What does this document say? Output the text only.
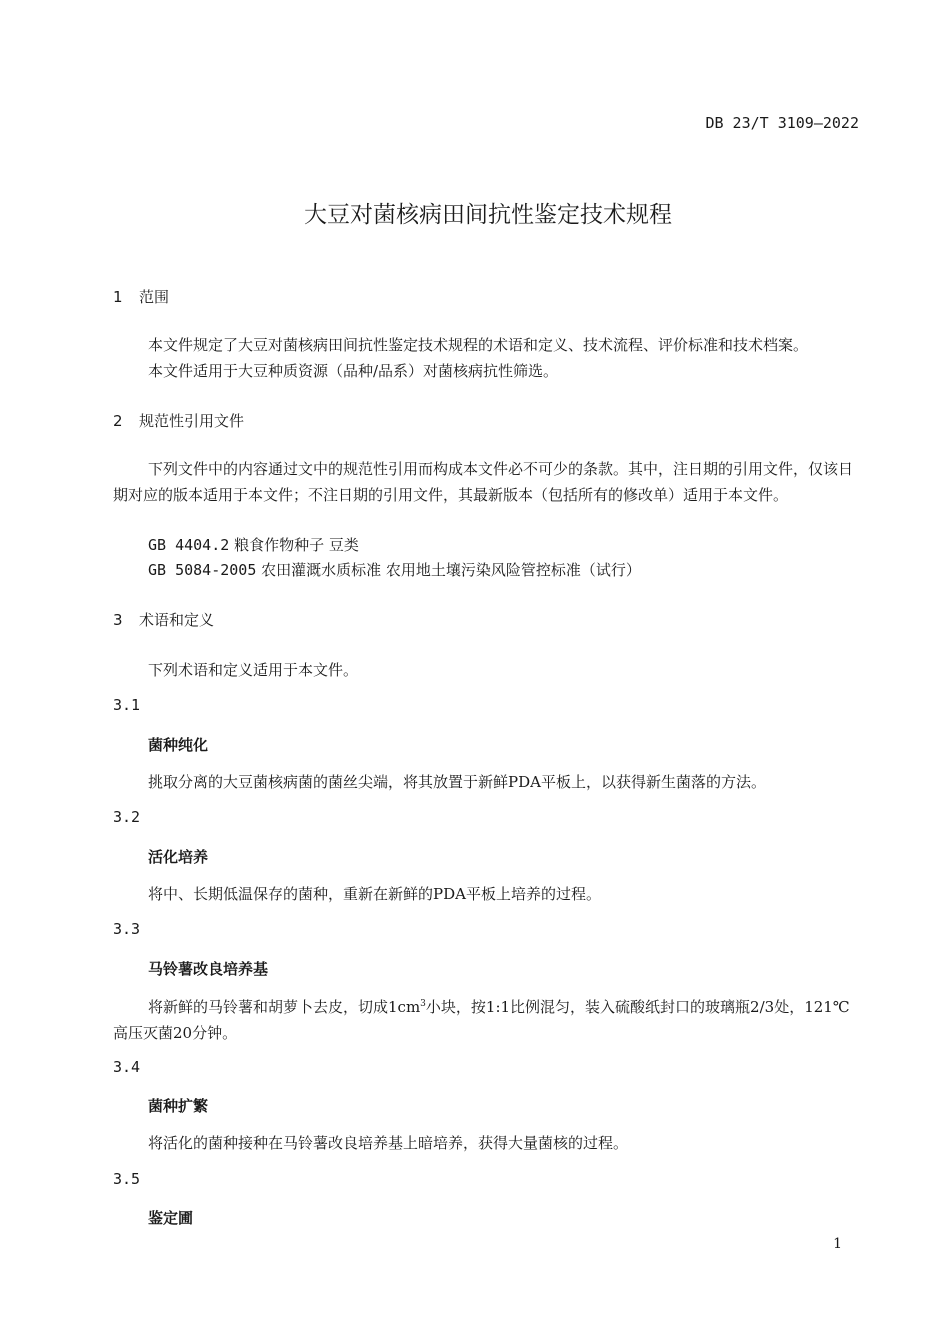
DB 23/T 3109—2022
大豆对菌核病田间抗性鉴定技术规程
1 范围
本文件规定了大豆对菌核病田间抗性鉴定技术规程的术语和定义、技术流程、评价标准和技术档案。
本文件适用于大豆种质资源（品种/品系）对菌核病抗性筛选。
2 规范性引用文件
下列文件中的内容通过文中的规范性引用而构成本文件必不可少的条款。其中，注日期的引用文件，仅该日期对应的版本适用于本文件；不注日期的引用文件，其最新版本（包括所有的修改单）适用于本文件。
GB 4404.2 粮食作物种子 豆类
GB 5084-2005 农田灌溉水质标准 农用地土壤污染风险管控标准（试行）
3 术语和定义
下列术语和定义适用于本文件。
3.1
菌种纯化
挑取分离的大豆菌核病菌的菌丝尖端，将其放置于新鲜PDA平板上，以获得新生菌落的方法。
3.2
活化培养
将中、长期低温保存的菌种，重新在新鲜的PDA平板上培养的过程。
3.3
马铃薯改良培养基
将新鲜的马铃薯和胡萝卜去皮，切成$1cm^3$小块，按1:1比例混匀，装入硫酸纸封口的玻璃瓶2/3处，121℃高压灭菌20分钟。
3.4
菌种扩繁
将活化的菌种接种在马铃薯改良培养基上暗培养，获得大量菌核的过程。
3.5
鉴定圃
1
